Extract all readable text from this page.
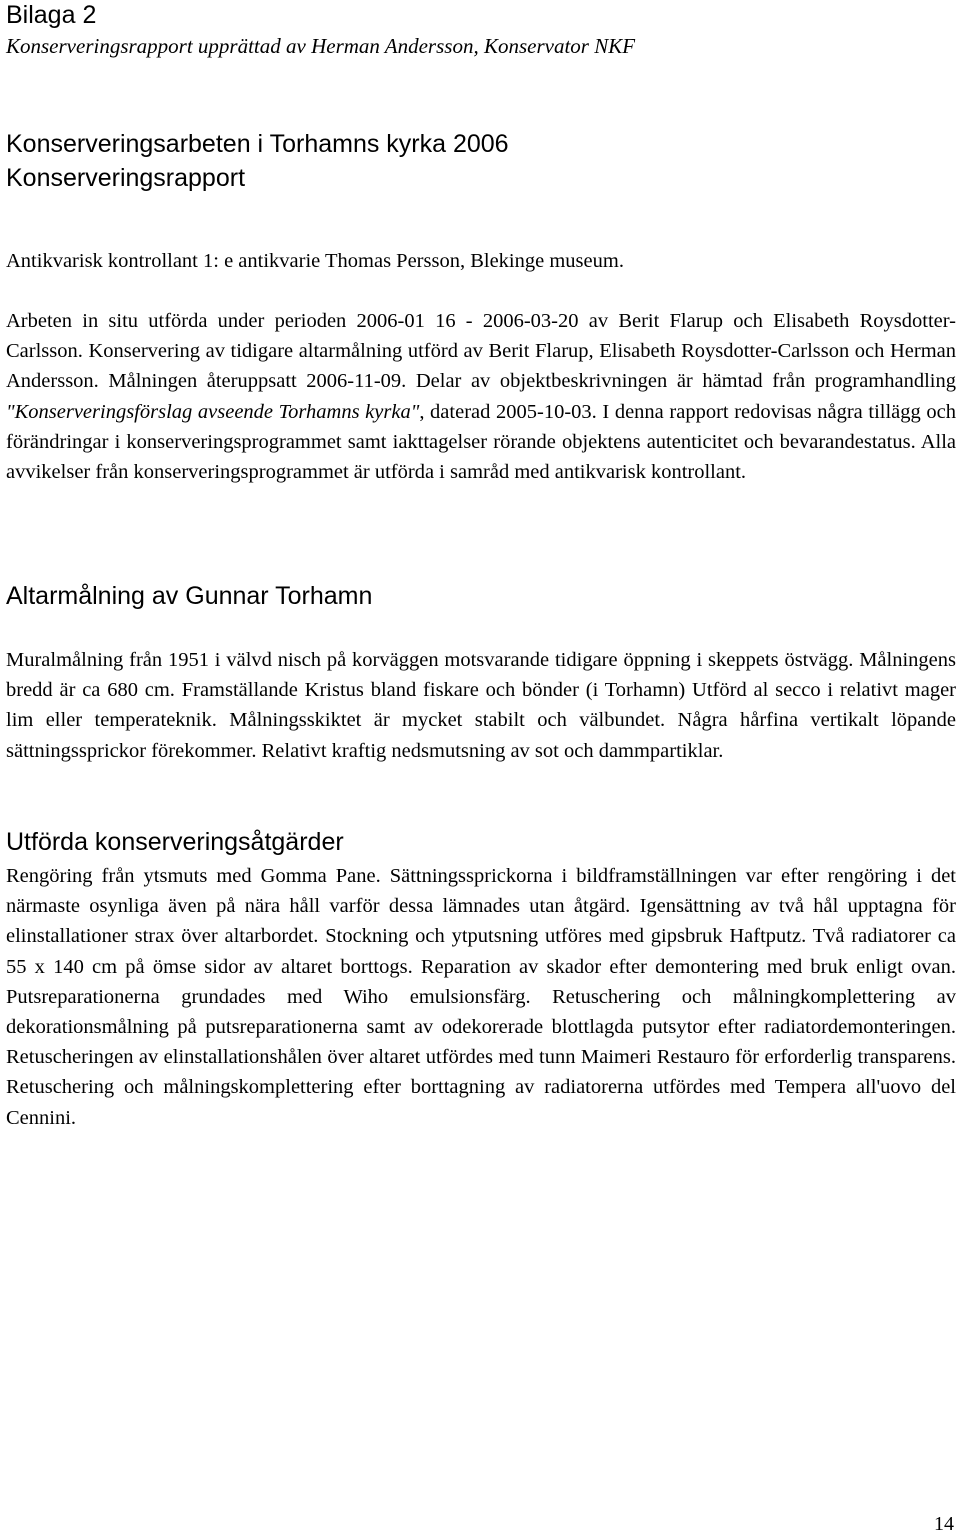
Bilaga 2
Konserveringsrapport upprättad av Herman Andersson, Konservator NKF
Konserveringsarbeten i Torhamns kyrka 2006
Konserveringsrapport
Antikvarisk kontrollant 1: e antikvarie Thomas Persson, Blekinge museum.
Arbeten in situ utförda under perioden 2006-01 16 - 2006-03-20 av Berit Flarup och Elisabeth Roysdotter-Carlsson. Konservering av tidigare altarmålning utförd av Berit Flarup, Elisabeth Roysdotter-Carlsson och Herman Andersson. Målningen återuppsatt 2006-11-09. Delar av objektbeskrivningen är hämtad från programhandling "Konserveringsförslag avseende Torhamns kyrka", daterad 2005-10-03. I denna rapport redovisas några tillägg och förändringar i konserveringsprogrammet samt iakttagelser rörande objektens autenticitet och bevarandestatus. Alla avvikelser från konserveringsprogrammet är utförda i samråd med antikvarisk kontrollant.
Altarmålning av Gunnar Torhamn
Muralmålning från 1951 i välvd nisch på korväggen motsvarande tidigare öppning i skeppets östvägg. Målningens bredd är ca 680 cm. Framställande Kristus bland fiskare och bönder (i Torhamn) Utförd al secco i relativt mager lim eller temperateknik. Målningsskiktet är mycket stabilt och välbundet. Några hårfina vertikalt löpande sättningssprickor förekommer. Relativt kraftig nedsmutsning av sot och dammpartiklar.
Utförda konserveringsåtgärder
Rengöring från ytsmuts med Gomma Pane. Sättningssprickorna i bildframställningen var efter rengöring i det närmaste osynliga även på nära håll varför dessa lämnades utan åtgärd. Igensättning av två hål upptagna för elinstallationer strax över altarbordet. Stockning och ytputsning utföres med gipsbruk Haftputz. Två radiatorer ca 55 x 140 cm på ömse sidor av altaret borttogs. Reparation av skador efter demontering med bruk enligt ovan. Putsreparationerna grundades med Wiho emulsionsfärg. Retuschering och målningkomplettering av dekorationsmålning på putsreparationerna samt av odekorerade blottlagda putsytor efter radiatordemonteringen. Retuscheringen av elinstallationshålen över altaret utfördes med tunn Maimeri Restauro för erforderlig transparens. Retuschering och målningskomplettering efter borttagning av radiatorerna utfördes med Tempera all'uovo del Cennini.
14
